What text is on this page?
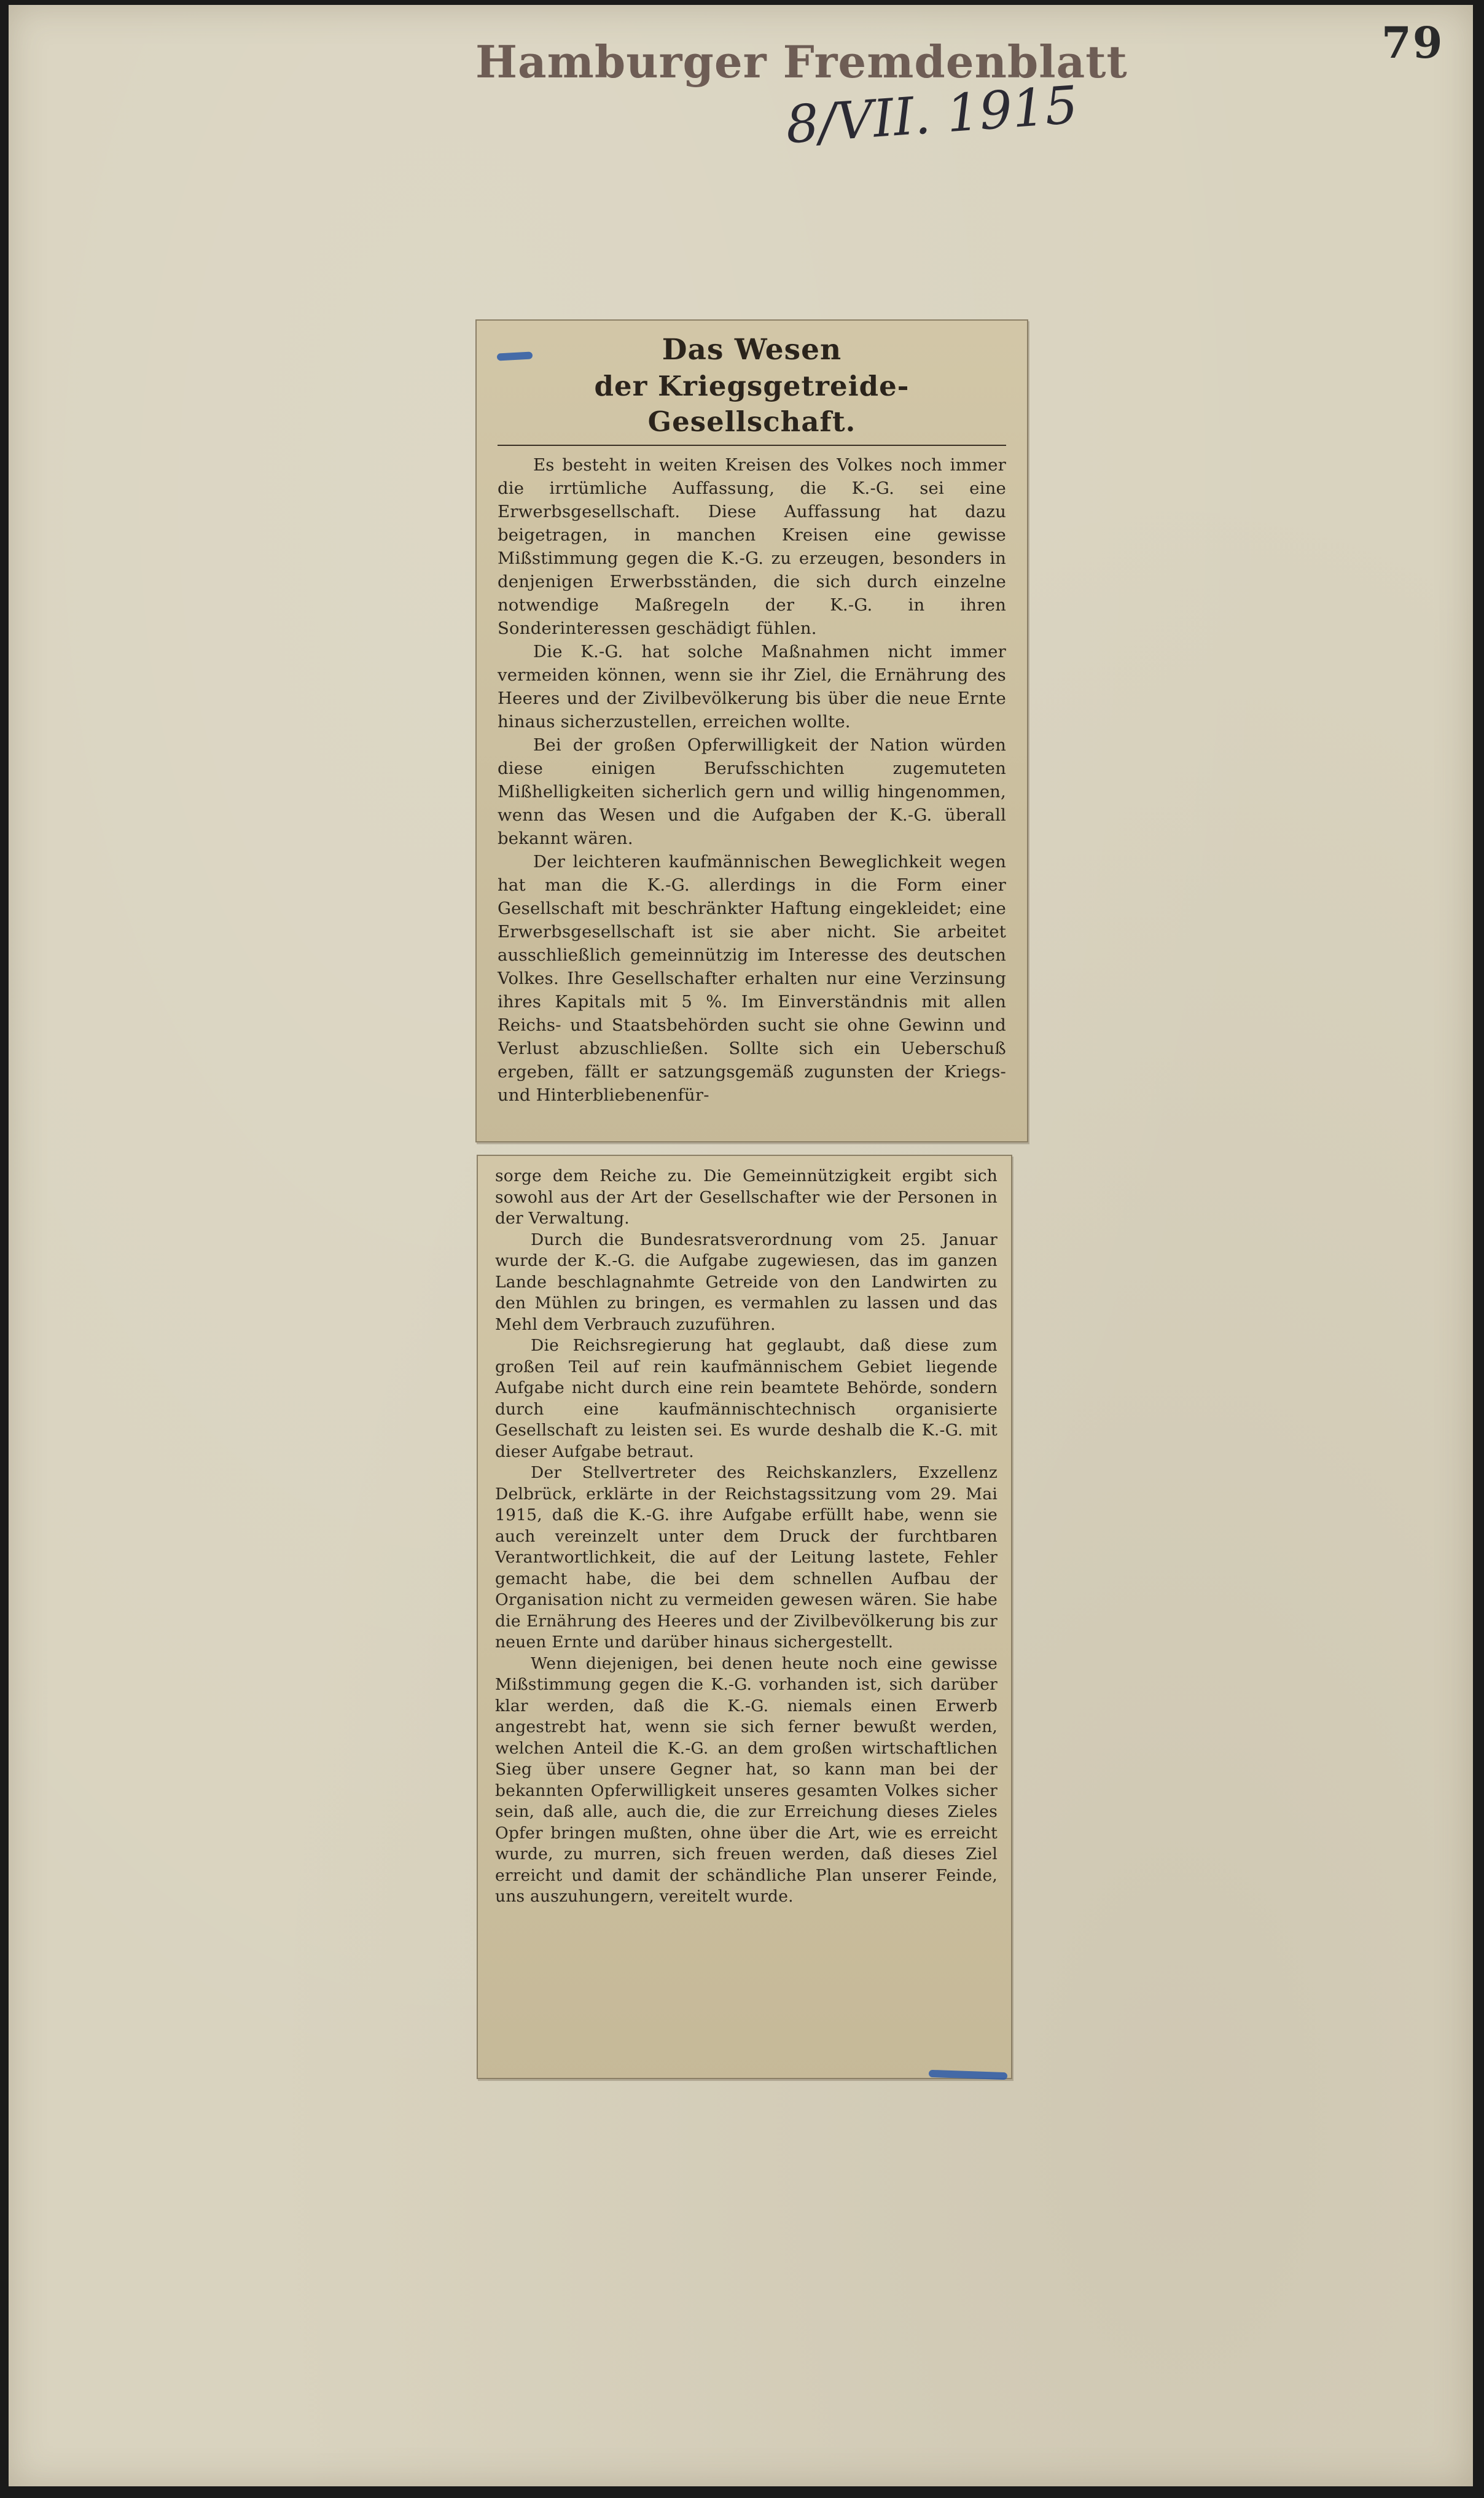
Hamburger Fremdenblatt
8/VII. 1915
79

Das Wesen

der Kriegsgetreide-Gesellschaft.

Es besteht in weiten Kreisen des Volkes noch immer die irrtümliche Auffassung, die K.-G. sei eine Erwerbsgesellschaft. Diese Auffassung hat dazu beigetragen, in manchen Kreisen eine gewisse Mißstimmung gegen die K.-G. zu erzeugen, besonders in denjenigen Erwerbsständen, die sich durch einzelne notwendige Maßregeln der K.-G. in ihren Sonderinteressen geschädigt fühlen.

Die K.-G. hat solche Maßnahmen nicht immer vermeiden können, wenn sie ihr Ziel, die Ernährung des Heeres und der Zivilbevölkerung bis über die neue Ernte hinaus sicherzustellen, erreichen wollte.

Bei der großen Opferwilligkeit der Nation würden diese einigen Berufsschichten zugemuteten Mißhelligkeiten sicherlich gern und willig hingenommen, wenn das Wesen und die Aufgaben der K.-G. überall bekannt wären.

Der leichteren kaufmännischen Beweglichkeit wegen hat man die K.-G. allerdings in die Form einer Gesellschaft mit beschränkter Haftung eingekleidet; eine Erwerbsgesellschaft ist sie aber nicht. Sie arbeitet ausschließlich gemeinnützig im Interesse des deutschen Volkes. Ihre Gesellschafter erhalten nur eine Verzinsung ihres Kapitals mit 5 %. Im Einverständnis mit allen Reichs- und Staatsbehörden sucht sie ohne Gewinn und Verlust abzuschließen. Sollte sich ein Ueberschuß ergeben, fällt er satzungsgemäß zugunsten der Kriegs- und Hinterbliebenenfür-

sorge dem Reiche zu. Die Gemeinnützigkeit ergibt sich sowohl aus der Art der Gesellschafter wie der Personen in der Verwaltung.

Durch die Bundesratsverordnung vom 25. Januar wurde der K.-G. die Aufgabe zugewiesen, das im ganzen Lande beschlagnahmte Getreide von den Landwirten zu den Mühlen zu bringen, es vermahlen zu lassen und das Mehl dem Verbrauch zuzuführen.

Die Reichsregierung hat geglaubt, daß diese zum großen Teil auf rein kaufmännischem Gebiet liegende Aufgabe nicht durch eine rein beamtete Behörde, sondern durch eine kaufmännischtechnisch organisierte Gesellschaft zu leisten sei. Es wurde deshalb die K.-G. mit dieser Aufgabe betraut.

Der Stellvertreter des Reichskanzlers, Exzellenz Delbrück, erklärte in der Reichstagssitzung vom 29. Mai 1915, daß die K.-G. ihre Aufgabe erfüllt habe, wenn sie auch vereinzelt unter dem Druck der furchtbaren Verantwortlichkeit, die auf der Leitung lastete, Fehler gemacht habe, die bei dem schnellen Aufbau der Organisation nicht zu vermeiden gewesen wären. Sie habe die Ernährung des Heeres und der Zivilbevölkerung bis zur neuen Ernte und darüber hinaus sichergestellt.

Wenn diejenigen, bei denen heute noch eine gewisse Mißstimmung gegen die K.-G. vorhanden ist, sich darüber klar werden, daß die K.-G. niemals einen Erwerb angestrebt hat, wenn sie sich ferner bewußt werden, welchen Anteil die K.-G. an dem großen wirtschaftlichen Sieg über unsere Gegner hat, so kann man bei der bekannten Opferwilligkeit unseres gesamten Volkes sicher sein, daß alle, auch die, die zur Erreichung dieses Zieles Opfer bringen mußten, ohne über die Art, wie es erreicht wurde, zu murren, sich freuen werden, daß dieses Ziel erreicht und damit der schändliche Plan unserer Feinde, uns auszuhungern, vereitelt wurde.
